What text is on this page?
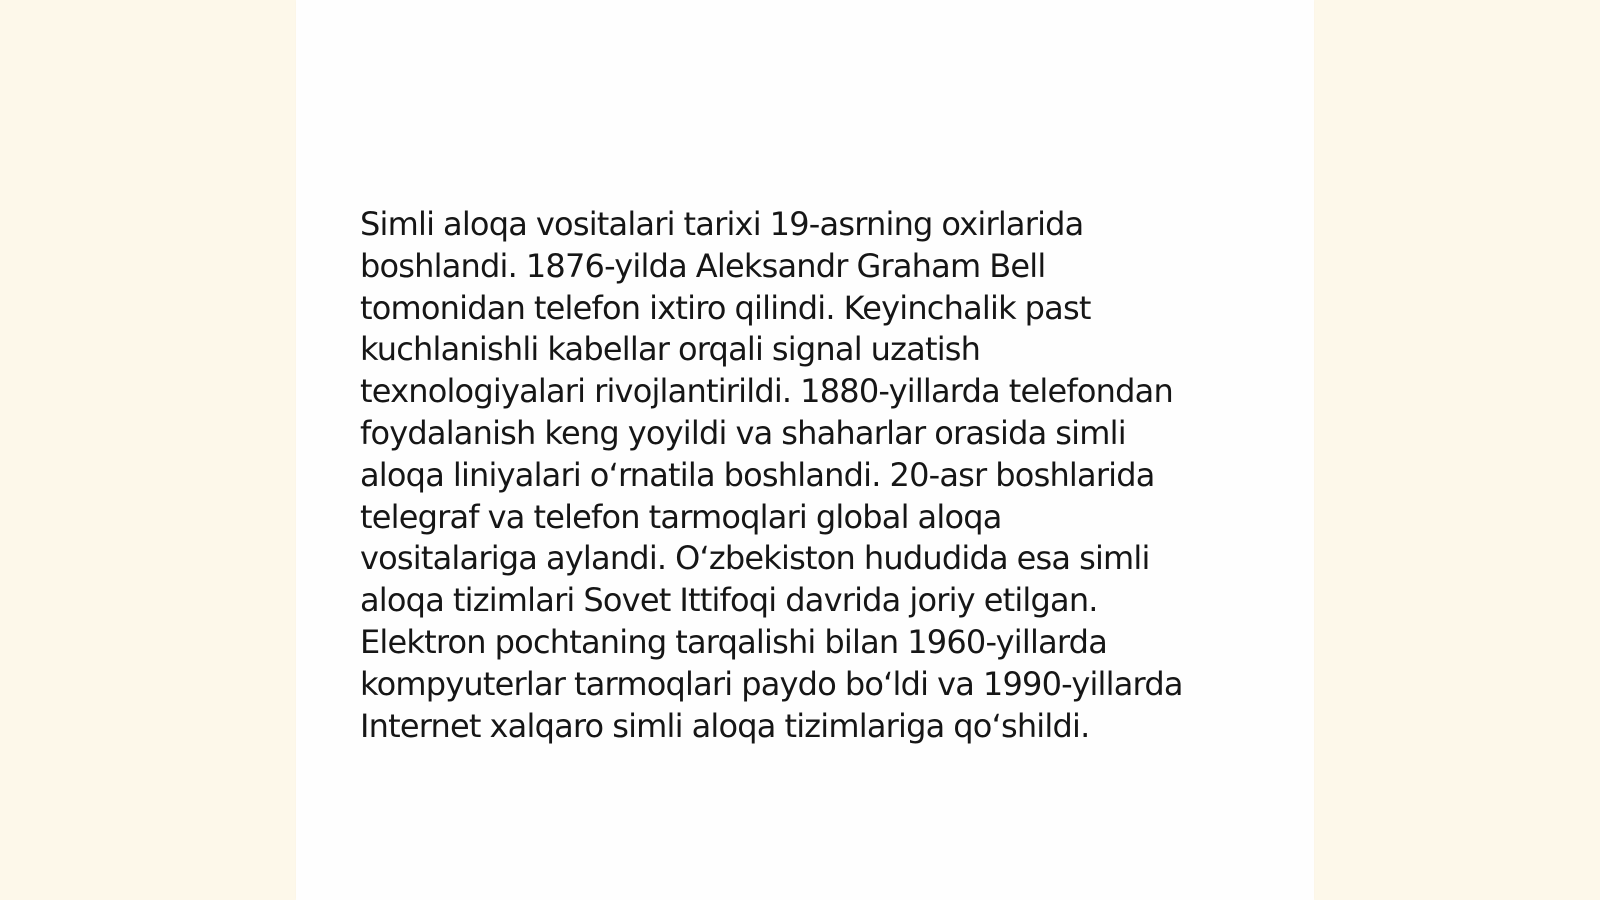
Simli aloqa vositalari tarixi 19-asrning oxirlarida
boshlandi. 1876-yilda Aleksandr Graham Bell
tomonidan telefon ixtiro qilindi. Keyinchalik past
kuchlanishli kabellar orqali signal uzatish
texnologiyalari rivojlantirildi. 1880-yillarda telefondan
foydalanish keng yoyildi va shaharlar orasida simli
aloqa liniyalari o‘rnatila boshlandi. 20-asr boshlarida
telegraf va telefon tarmoqlari global aloqa
vositalariga aylandi. O‘zbekiston hududida esa simli
aloqa tizimlari Sovet Ittifoqi davrida joriy etilgan.
Elektron pochtaning tarqalishi bilan 1960-yillarda
kompyuterlar tarmoqlari paydo bo‘ldi va 1990-yillarda
Internet xalqaro simli aloqa tizimlariga qo‘shildi.
